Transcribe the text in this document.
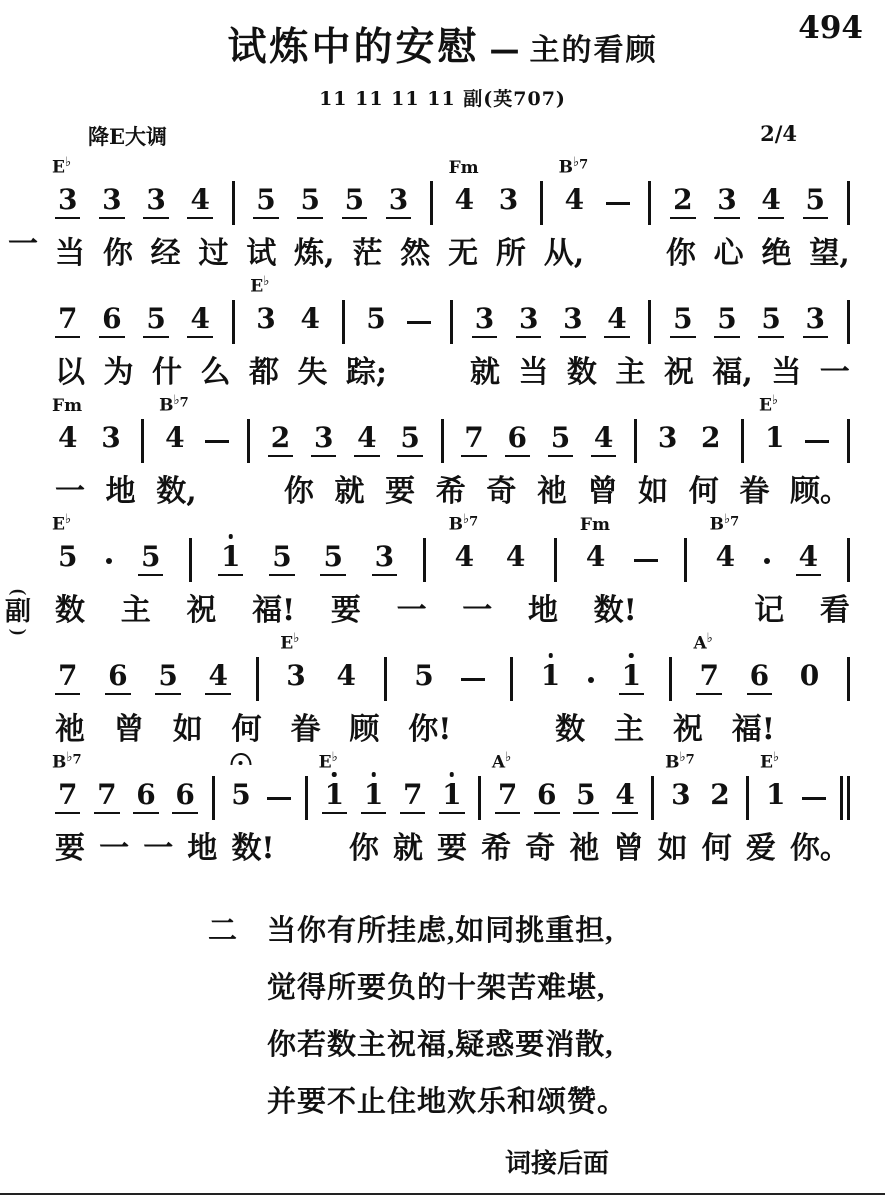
494
试炼中的安慰 — 主的看顾
11 11 11 11 副(英707)
降E大调	2/4
一
3
E♭
3 3 4 5 5 5 3 4
Fm
3 4
$B^{♭7}$
2 3 4 5
当 你 经 过 试 炼, 茫 然 无 所 从,	你 心 绝 望,
7 6 5 4 3
E♭
4 5	3 3 3 4 5 5 5 3
以 为 什 么 都 失 踪;	就 当 数 主 祝 福, 当 一
4
Fm
3 4
$B^{♭7}$
2 3 4 5 7 6 5 4 3 2 1
E♭
一 地 数,	你 就 要 希 奇 祂 曾 如 何 眷 顾。
(
副
)
5
E♭
5 1 5 5 3 4
$B^{♭7}$
4 4
Fm
4
$B^{♭7}$
4
数 主 祝 福! 要 一 一 地 数!	记 看
7 6 5 4 3
E♭
4 5	1 1 7
A♭
6 0
祂 曾 如 何 眷 顾 你!	数 主 祝 福!
7
$B^{♭7}$
7 6 6 5	1
E♭
1 7 1 7
A♭
6 5 4 3
$B^{♭7}$
2 1
E♭
要 一 一 地 数! 你 就 要 希 奇 祂 曾 如 何 爱 你。
二 当你有所挂虑,如同挑重担,
觉得所要负的十架苦难堪,
你若数主祝福,疑惑要消散,
并要不止住地欢乐和颂赞。
词接后面
